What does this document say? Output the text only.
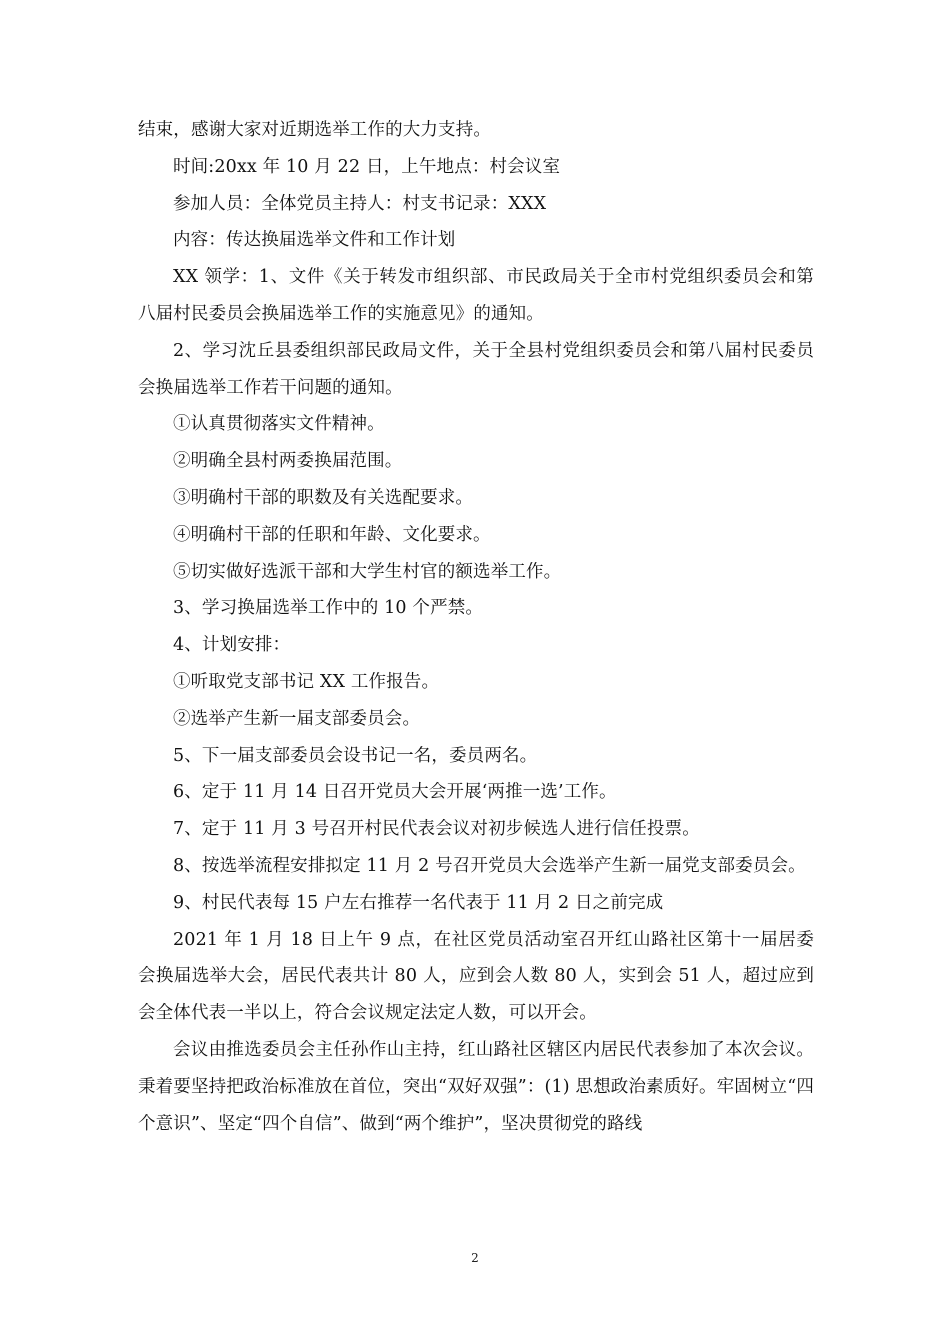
结束，感谢大家对近期选举工作的大力支持。

时间:20xx 年 10 月 22 日，上午地点：村会议室

参加人员：全体党员主持人：村支书记录：XXX

内容：传达换届选举文件和工作计划

XX 领学：1、文件《关于转发市组织部、市民政局关于全市村党组织委员会和第八届村民委员会换届选举工作的实施意见》的通知。

2、学习沈丘县委组织部民政局文件，关于全县村党组织委员会和第八届村民委员会换届选举工作若干问题的通知。

①认真贯彻落实文件精神。

②明确全县村两委换届范围。

③明确村干部的职数及有关选配要求。

④明确村干部的任职和年龄、文化要求。

⑤切实做好选派干部和大学生村官的额选举工作。

3、学习换届选举工作中的 10 个严禁。

4、计划安排：

①听取党支部书记 XX 工作报告。

②选举产生新一届支部委员会。

5、下一届支部委员会设书记一名，委员两名。

6、定于 11 月 14 日召开党员大会开展‘两推一选’工作。

7、定于 11 月 3 号召开村民代表会议对初步候选人进行信任投票。

8、按选举流程安排拟定 11 月 2 号召开党员大会选举产生新一届党支部委员会。

9、村民代表每 15 户左右推荐一名代表于 11 月 2 日之前完成

2021 年 1 月 18 日上午 9 点，在社区党员活动室召开红山路社区第十一届居委会换届选举大会，居民代表共计 80 人，应到会人数 80 人，实到会 51 人，超过应到会全体代表一半以上，符合会议规定法定人数，可以开会。

会议由推选委员会主任孙作山主持，红山路社区辖区内居民代表参加了本次会议。秉着要坚持把政治标准放在首位，突出“双好双强”：(1) 思想政治素质好。牢固树立“四个意识”、坚定“四个自信”、做到“两个维护”，坚决贯彻党的路线

2
